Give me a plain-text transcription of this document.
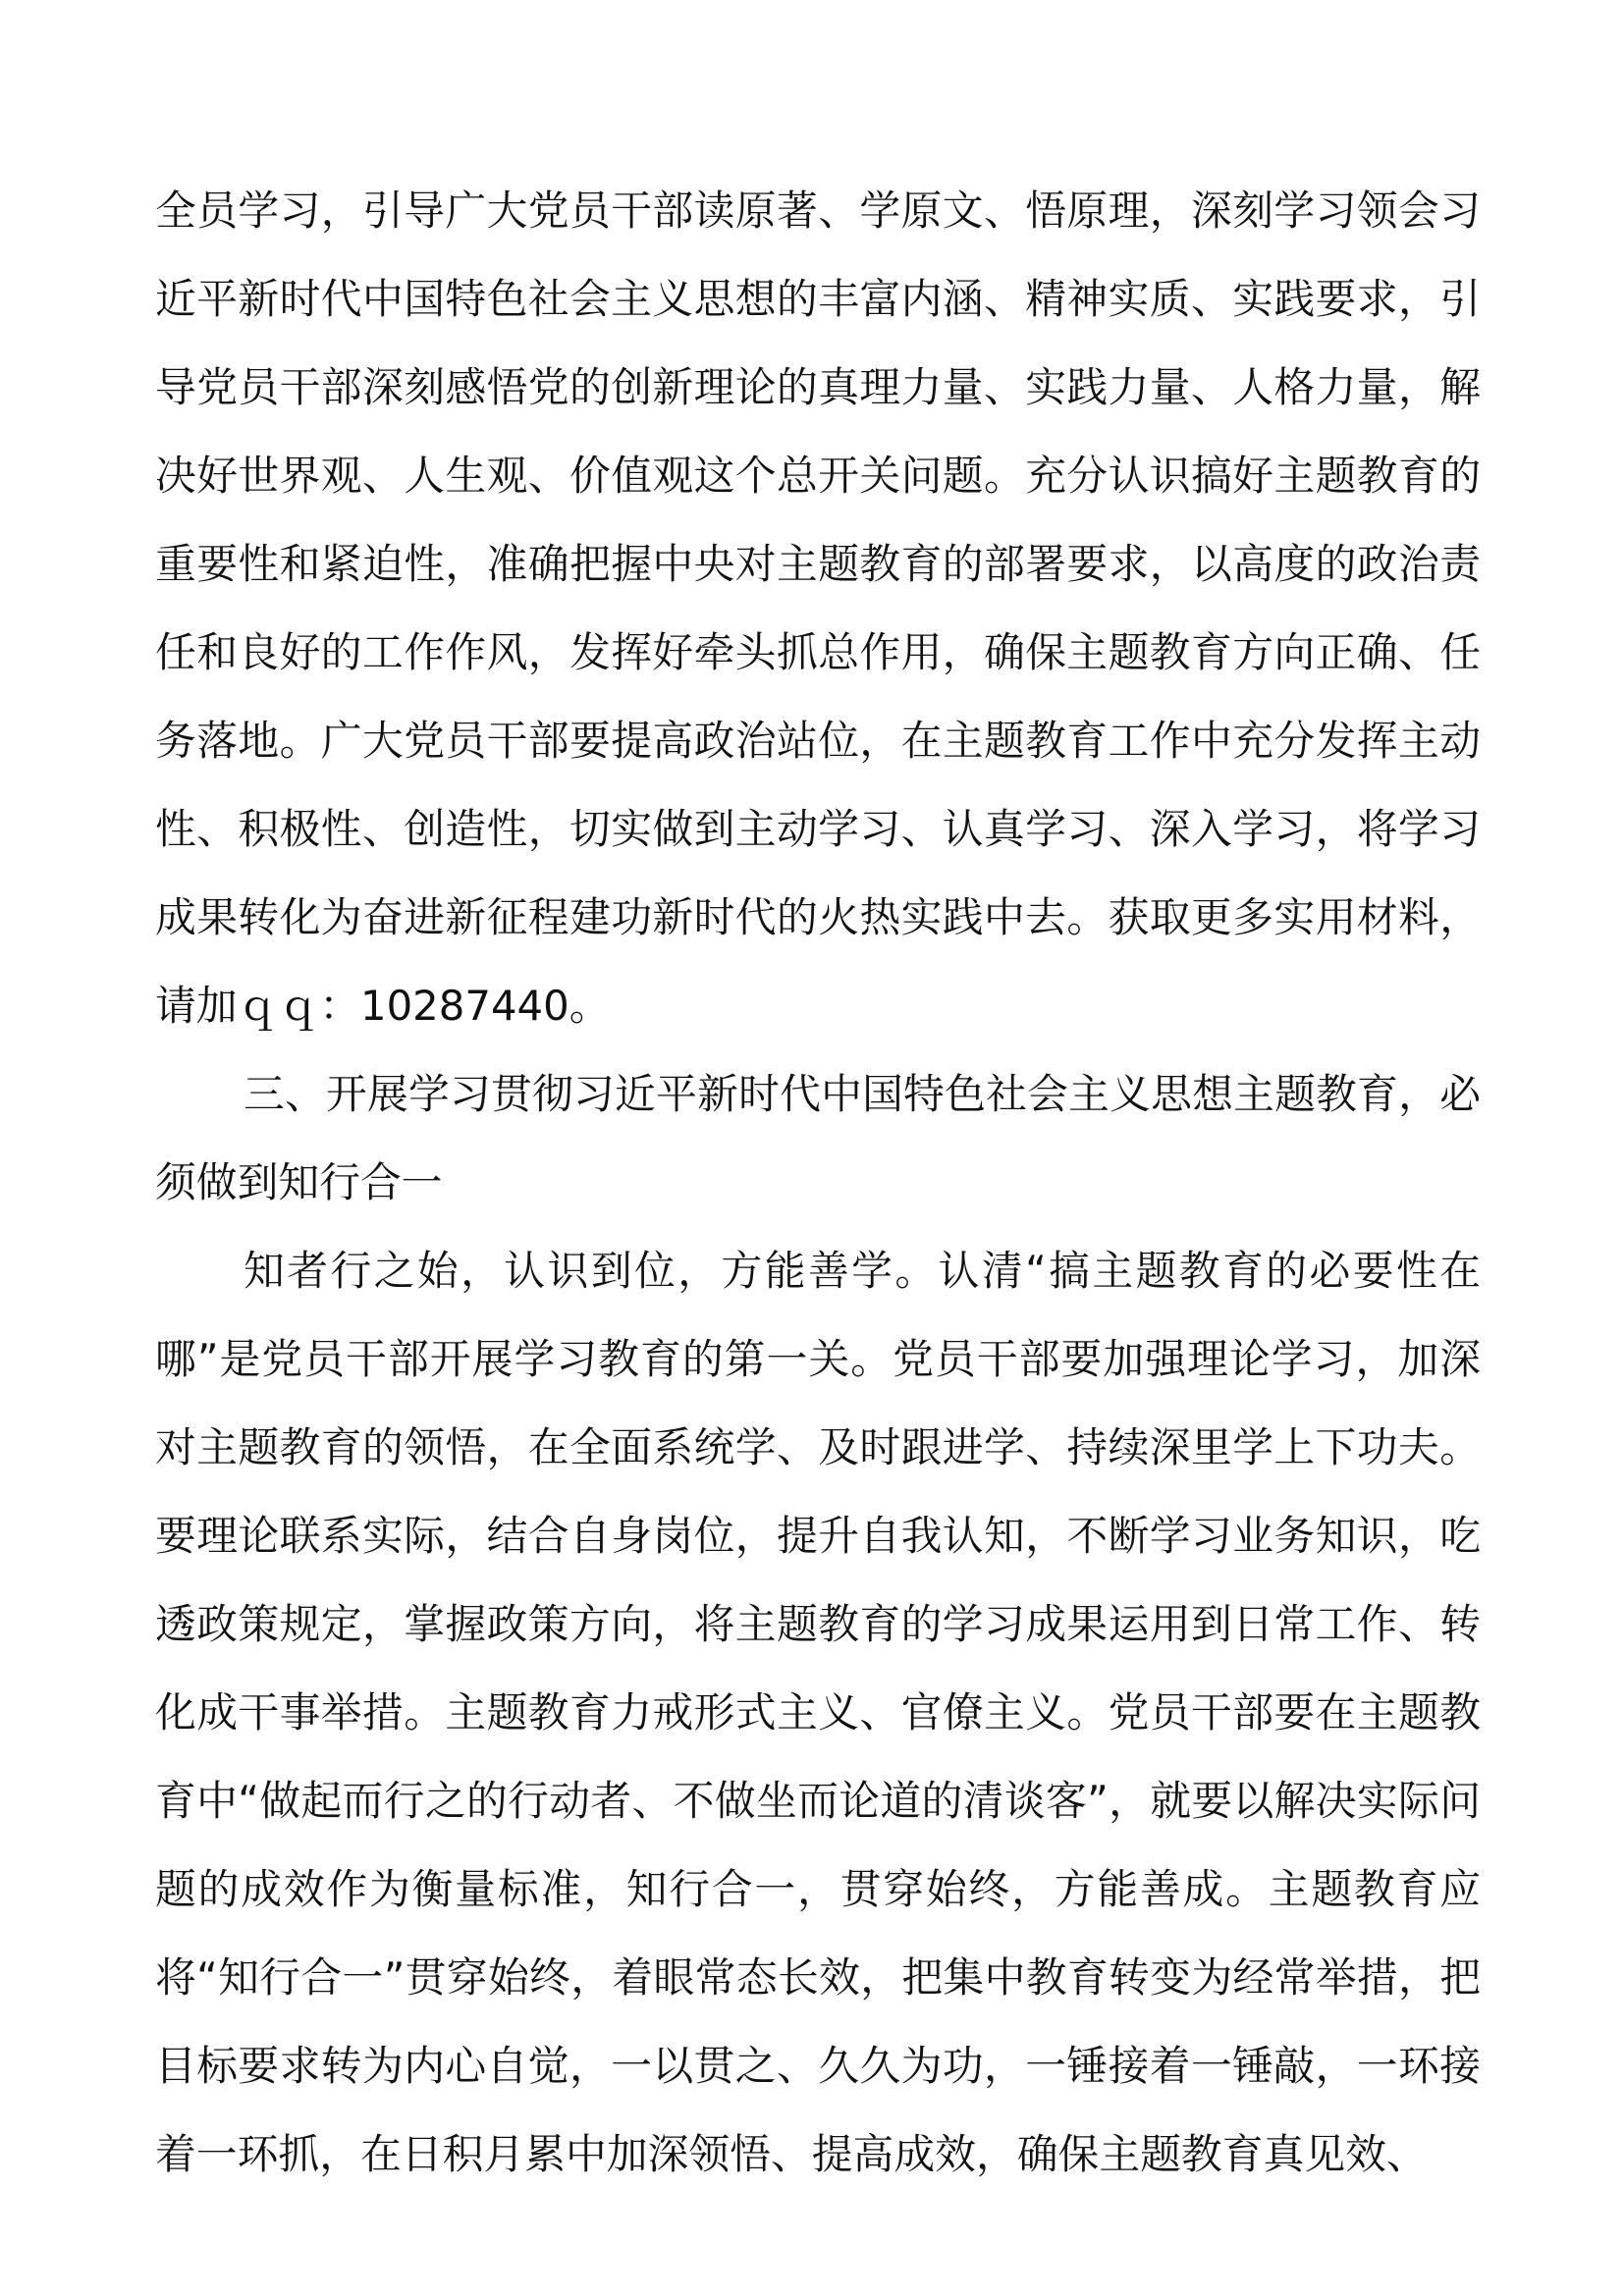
全员学习，引导广大党员干部读原著、学原文、悟原理，深刻学习领会习近平新时代中国特色社会主义思想的丰富内涵、精神实质、实践要求，引导党员干部深刻感悟党的创新理论的真理力量、实践力量、人格力量，解决好世界观、人生观、价值观这个总开关问题。充分认识搞好主题教育的重要性和紧迫性，准确把握中央对主题教育的部署要求，以高度的政治责任和良好的工作作风，发挥好牵头抓总作用，确保主题教育方向正确、任务落地。广大党员干部要提高政治站位，在主题教育工作中充分发挥主动性、积极性、创造性，切实做到主动学习、认真学习、深入学习，将学习成果转化为奋进新征程建功新时代的火热实践中去。获取更多实用材料，请加ｑｑ：10287440。

三、开展学习贯彻习近平新时代中国特色社会主义思想主题教育，必须做到知行合一

知者行之始，认识到位，方能善学。认清“搞主题教育的必要性在哪”是党员干部开展学习教育的第一关。党员干部要加强理论学习，加深对主题教育的领悟，在全面系统学、及时跟进学、持续深里学上下功夫。要理论联系实际，结合自身岗位，提升自我认知，不断学习业务知识，吃透政策规定，掌握政策方向，将主题教育的学习成果运用到日常工作、转化成干事举措。主题教育力戒形式主义、官僚主义。党员干部要在主题教育中“做起而行之的行动者、不做坐而论道的清谈客”，就要以解决实际问题的成效作为衡量标准，知行合一，贯穿始终，方能善成。主题教育应将“知行合一”贯穿始终，着眼常态长效，把集中教育转变为经常举措，把目标要求转为内心自觉，一以贯之、久久为功，一锤接着一锤敲，一环接着一环抓，在日积月累中加深领悟、提高成效，确保主题教育真见效、
